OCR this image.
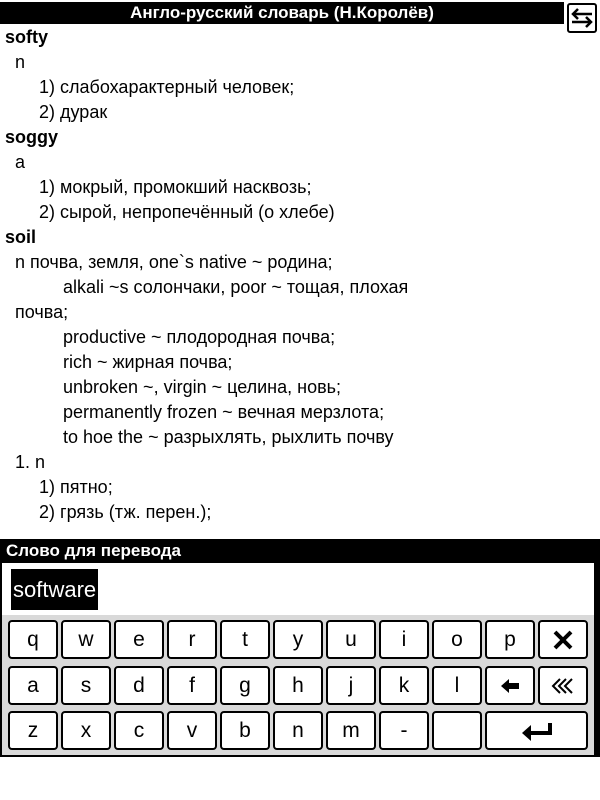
Англо-русский словарь (Н.Королёв)
softy
n
1) слабохарактерный человек;
2) дурак
soggy
a
1) мокрый, промокший насквозь;
2) сырой, непропечённый (о хлебе)
soil
n почва, земля, one`s native ~ родина;
alkali ~s солончаки, poor ~ тощая, плохая
почва;
productive ~ плодородная почва;
rich ~ жирная почва;
unbroken ~, virgin ~ целина, новь;
permanently frozen ~ вечная мерзлота;
to hoe the ~ разрыхлять, рыхлить почву
1. n
1) пятно;
2) грязь (тж. перен.);
Слово для перевода
software
q w e r t y u i o p
a s d f g h j k l
z x c v b n m -
